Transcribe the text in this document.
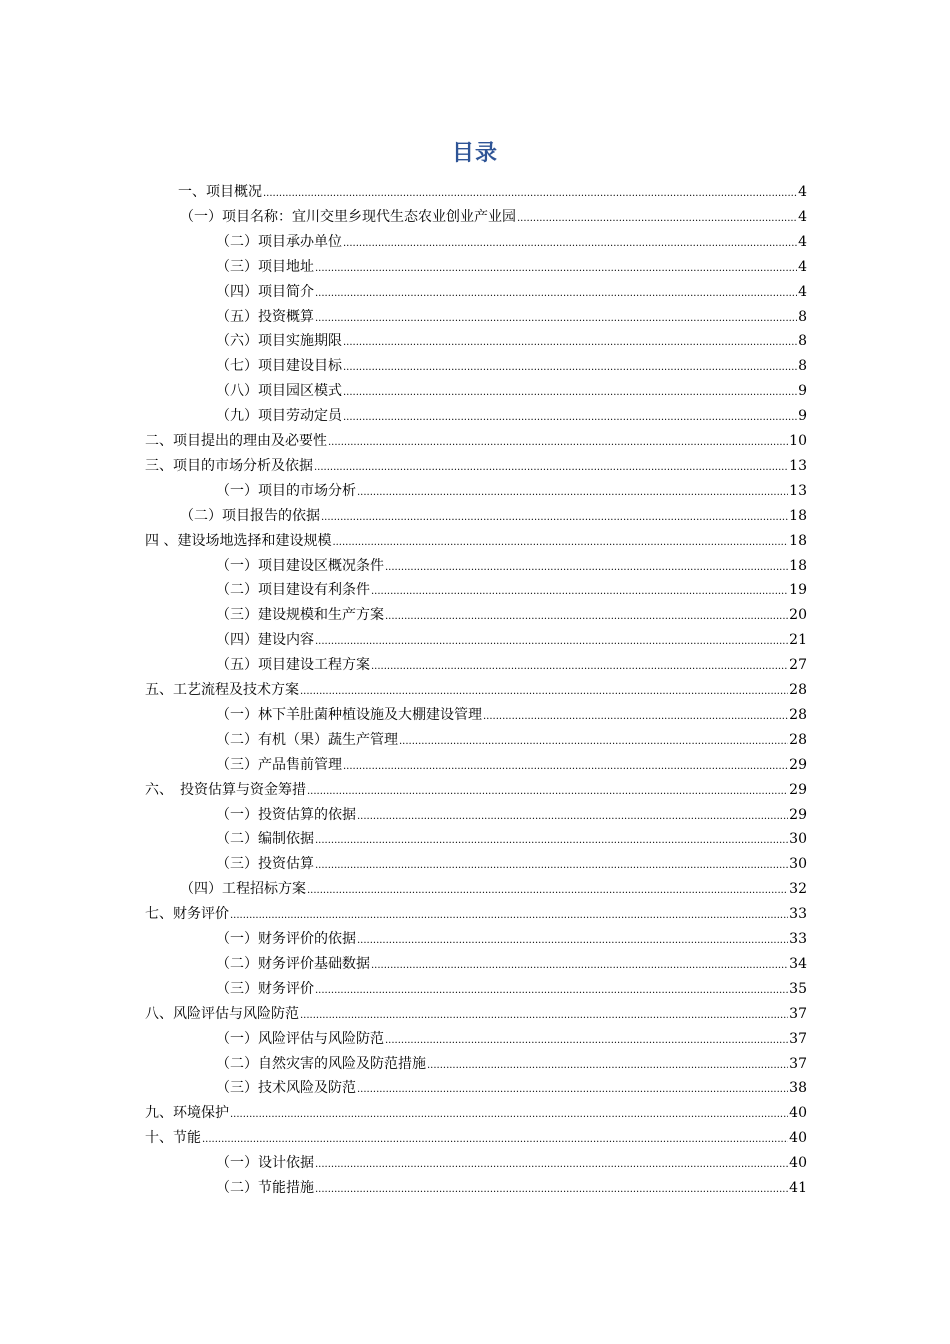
目录
一、项目概况 .....	4
（一）项目名称：宜川交里乡现代生态农业创业产业园 .....	4
（二）项目承办单位 .....	4
（三）项目地址 .....	4
（四）项目简介 .....	4
（五）投资概算 .....	8
（六）项目实施期限 .....	8
（七）项目建设目标 .....	8
（八）项目园区模式 .....	9
（九）项目劳动定员 .....	9
二、项目提出的理由及必要性 .....	10
三、项目的市场分析及依据 .....	13
（一）项目的市场分析 .....	13
（二）项目报告的依据 .....	18
四 、建设场地选择和建设规模 .....	18
（一）项目建设区概况条件 .....	18
（二）项目建设有利条件 .....	19
（三）建设规模和生产方案 .....	20
（四）建设内容 .....	21
（五）项目建设工程方案 .....	27
五、工艺流程及技术方案 .....	28
（一）林下羊肚菌种植设施及大棚建设管理 .....	28
（二）有机（果）蔬生产管理 .....	28
（三）产品售前管理 .....	29
六、　投资估算与资金筹措 .....	29
（一）投资估算的依据 .....	29
（二）编制依据 .....	30
（三）投资估算 .....	30
（四）工程招标方案 .....	32
七、财务评价 .....	33
（一）财务评价的依据 .....	33
（二）财务评价基础数据 .....	34
（三）财务评价 .....	35
八、风险评估与风险防范 .....	37
（一）风险评估与风险防范 .....	37
（二）自然灾害的风险及防范措施 .....	37
（三）技术风险及防范 .....	38
九、环境保护 .....	40
十、节能 .....	40
（一）设计依据 .....	40
（二）节能措施 .....	41
